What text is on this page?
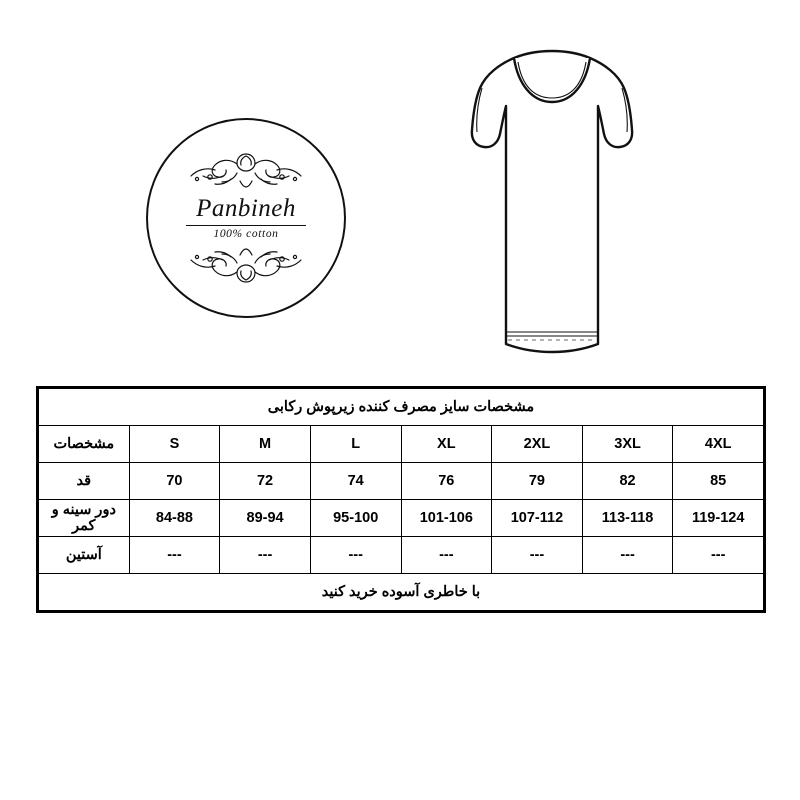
Panbineh
100% cotton
مشخصات سایز مصرف کننده زیرپوش رکابی							
4XL	3XL	2XL	XL	L	M	S	مشخصات
85	82	79	76	74	72	70	قد
119-124	113-118	107-112	101-106	95-100	89-94	84-88	دور سینه و کمر
---	---	---	---	---	---	---	آستین
با خاطری آسوده خرید کنید							
